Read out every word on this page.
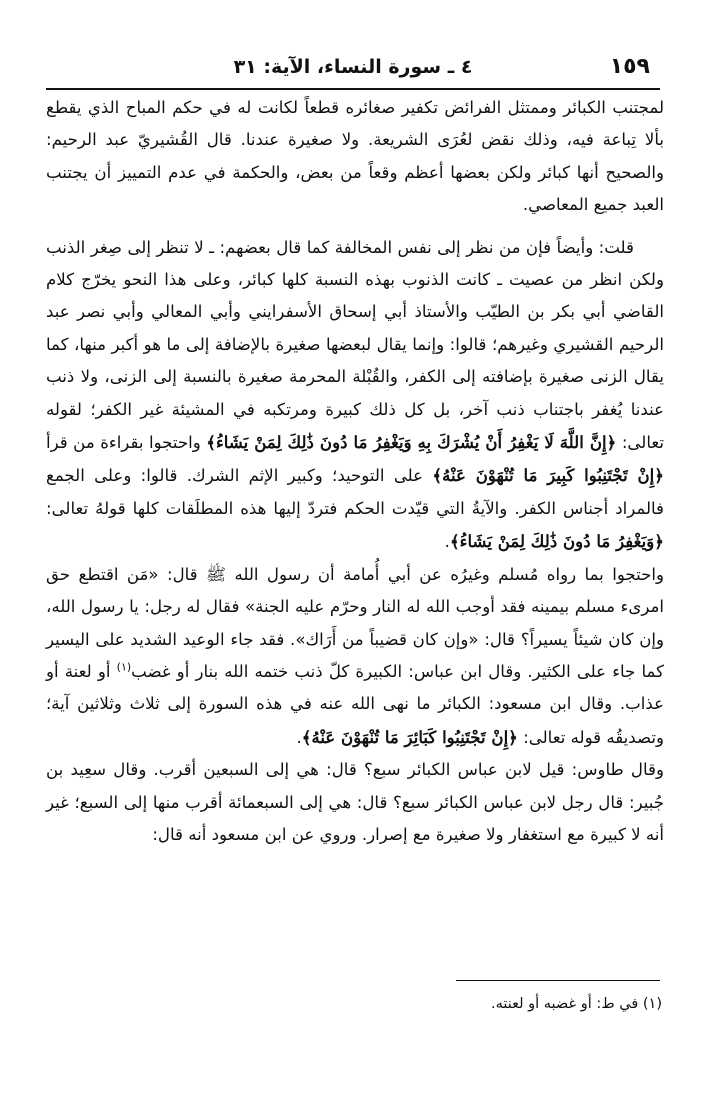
٤ ـ سورة النساء، الآية: ٣١	١٥٩

لمجتنب الكبائر وممتثل الفرائض تكفير صغائره قطعاً لكانت له في حكم المباح الذي يقطع بألا تِباعة فيه، وذلك نقض لعُرَى الشريعة. ولا صغيرة عندنا. قال القُشيريّ عبد الرحيم: والصحيح أنها كبائر ولكن بعضها أعظم وقعاً من بعض، والحكمة في عدم التمييز أن يجتنب العبد جميع المعاصي.

قلت: وأيضاً فإن من نظر إلى نفس المخالفة كما قال بعضهم: ـ لا تنظر إلى صِغر الذنب ولكن انظر من عصيت ـ كانت الذنوب بهذه النسبة كلها كبائر، وعلى هذا النحو يخرّج كلام القاضي أبي بكر بن الطيّب والأستاذ أبي إسحاق الأسفرايني وأبي المعالي وأبي نصر عبد الرحيم القشيري وغيرهم؛ قالوا: وإنما يقال لبعضها صغيرة بالإضافة إلى ما هو أكبر منها، كما يقال الزنى صغيرة بإضافته إلى الكفر، والقُبْلة المحرمة صغيرة بالنسبة إلى الزنى، ولا ذنب عندنا يُغفر باجتناب ذنب آخر، بل كل ذلك كبيرة ومرتكبه في المشيئة غير الكفر؛ لقوله تعالى: ﴿إِنَّ اللَّهَ لَا يَغْفِرُ أَنْ يُشْرَكَ بِهِ وَيَغْفِرُ مَا دُونَ ذَٰلِكَ لِمَنْ يَشَاءُ﴾ واحتجوا بقراءة من قرأ ﴿إِنْ تَجْتَنِبُوا كَبِيرَ مَا تُنْهَوْنَ عَنْهُ﴾ على التوحيد؛ وكبير الإثم الشرك. قالوا: وعلى الجمع فالمراد أجناس الكفر. والآيةُ التي قيّدت الحكم فتردّ إليها هذه المطلَقات كلها قولهُ تعالى: ﴿وَيَغْفِرُ مَا دُونَ ذَٰلِكَ لِمَنْ يَشَاءُ﴾.

واحتجوا بما رواه مُسلم وغيرُه عن أبي أُمامة أن رسول الله ﷺ قال: «مَن اقتطع حق امرىء مسلم بيمينه فقد أوجب الله له النار وحرّم عليه الجنة» فقال له رجل: يا رسول الله، وإن كان شيئاً يسيراً؟ قال: «وإن كان قضيباً من أَرَاك». فقد جاء الوعيد الشديد على اليسير كما جاء على الكثير. وقال ابن عباس: الكبيرة كلّ ذنب ختمه الله بنار أو غضب$^{(١)}$ أو لعنة أو عذاب. وقال ابن مسعود: الكبائر ما نهى الله عنه في هذه السورة إلى ثلاث وثلاثين آية؛ وتصديقُه قوله تعالى: ﴿إِنْ تَجْتَنِبُوا كَبَائِرَ مَا تُنْهَوْنَ عَنْهُ﴾.

وقال طاوس: قيل لابن عباس الكبائر سبع؟ قال: هي إلى السبعين أقرب. وقال سعِيد بن جُبير: قال رجل لابن عباس الكبائر سبع؟ قال: هي إلى السبعمائة أقرب منها إلى السبع؛ غير أنه لا كبيرة مع استغفار ولا صغيرة مع إصرار. وروي عن ابن مسعود أنه قال:

(١) في ط: أو غضبه أو لعنته.
